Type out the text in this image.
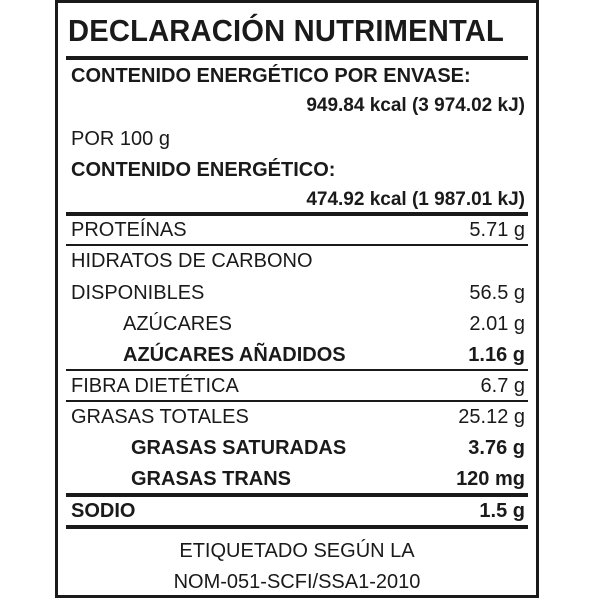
DECLARACIÓN NUTRIMENTAL
CONTENIDO ENERGÉTICO POR ENVASE:
949.84 kcal (3 974.02 kJ)
POR 100 g
CONTENIDO ENERGÉTICO:
474.92 kcal (1 987.01 kJ)
PROTEÍNAS	5.71 g
HIDRATOS DE CARBONO
DISPONIBLES	56.5 g
AZÚCARES	2.01 g
AZÚCARES AÑADIDOS	1.16 g
FIBRA DIETÉTICA	6.7 g
GRASAS TOTALES	25.12 g
GRASAS SATURADAS	3.76 g
GRASAS TRANS	120 mg
SODIO	1.5 g
ETIQUETADO SEGÚN LA
NOM-051-SCFI/SSA1-2010
